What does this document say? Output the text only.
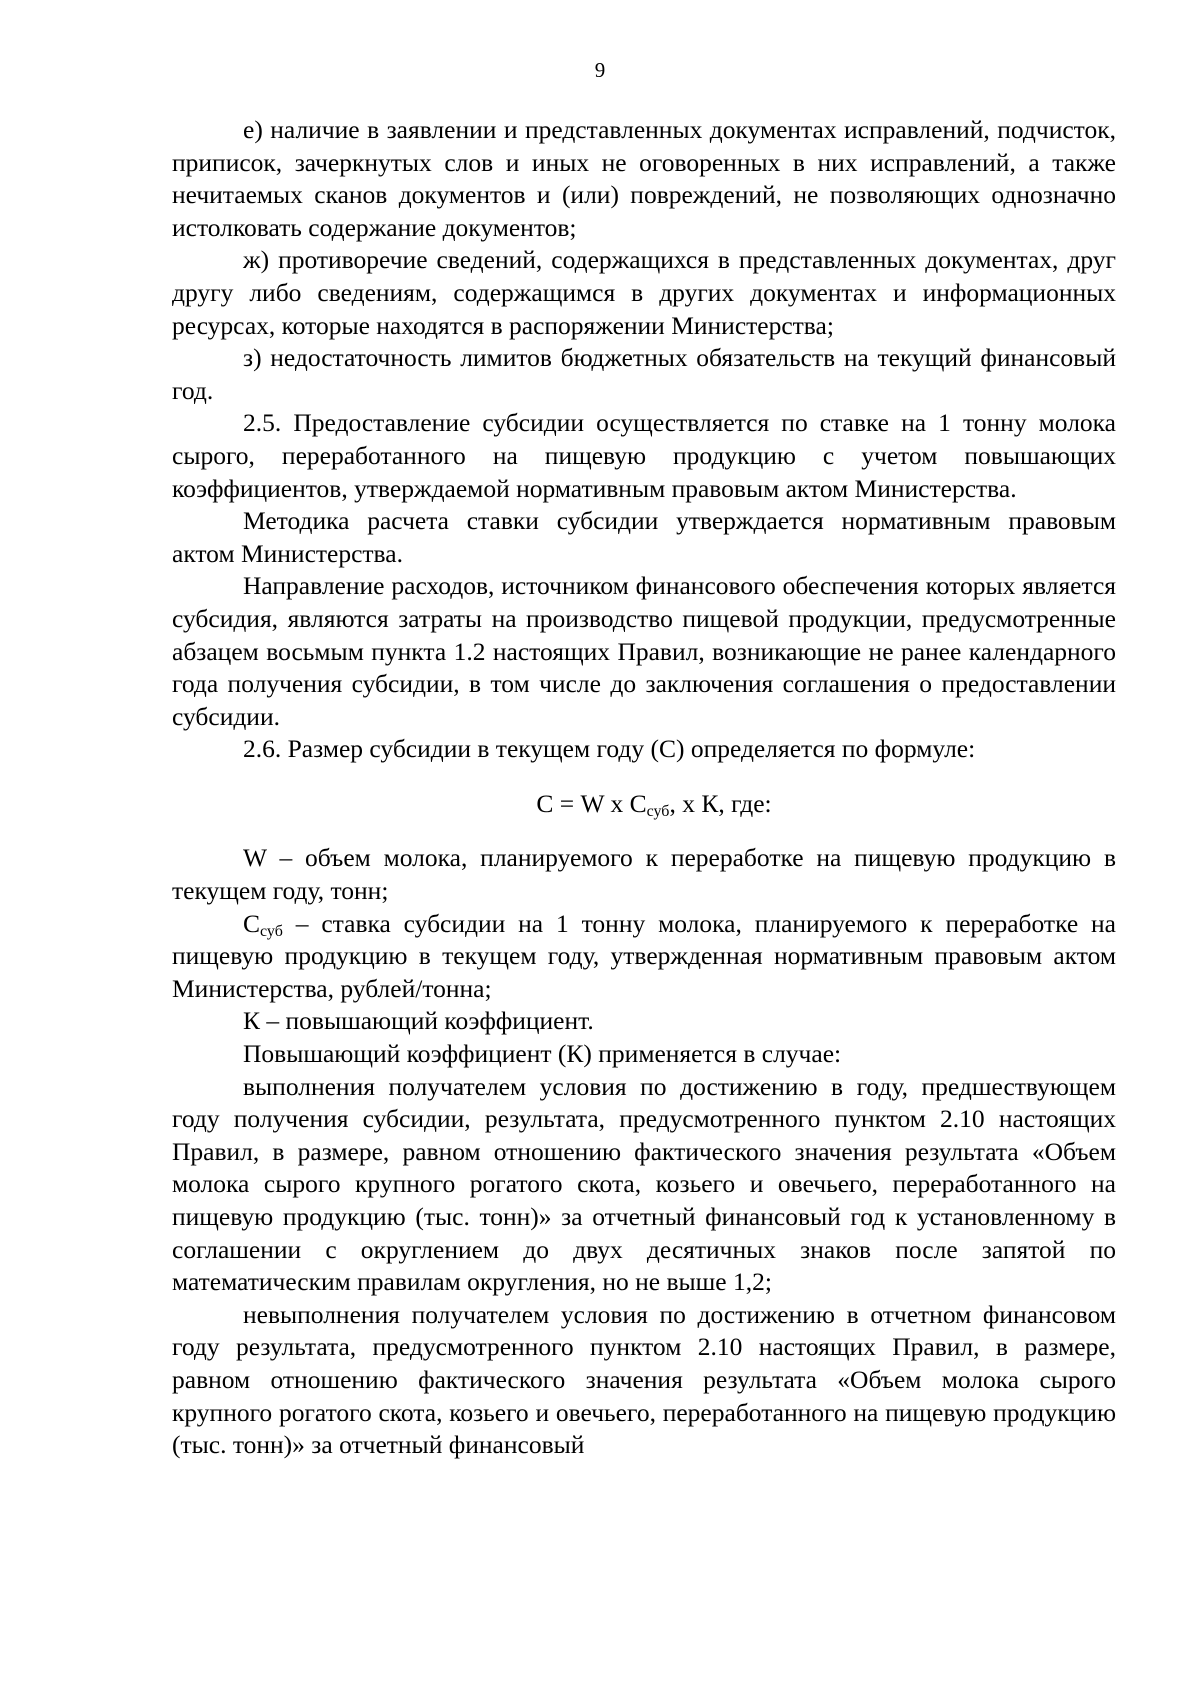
9

е) наличие в заявлении и представленных документах исправлений, подчисток, приписок, зачеркнутых слов и иных не оговоренных в них исправлений, а также нечитаемых сканов документов и (или) повреждений, не позволяющих однозначно истолковать содержание документов;

ж) противоречие сведений, содержащихся в представленных документах, друг другу либо сведениям, содержащимся в других документах и информационных ресурсах, которые находятся в распоряжении Министерства;

з) недостаточность лимитов бюджетных обязательств на текущий финансовый год.

2.5. Предоставление субсидии осуществляется по ставке на 1 тонну молока сырого, переработанного на пищевую продукцию с учетом повышающих коэффициентов, утверждаемой нормативным правовым актом Министерства.

Методика расчета ставки субсидии утверждается нормативным правовым актом Министерства.

Направление расходов, источником финансового обеспечения которых является субсидия, являются затраты на производство пищевой продукции, предусмотренные абзацем восьмым пункта 1.2 настоящих Правил, возникающие не ранее календарного года получения субсидии, в том числе до заключения соглашения о предоставлении субсидии.

2.6. Размер субсидии в текущем году (С) определяется по формуле:

С = W x $С_{суб}$, х К, где:

W – объем молока, планируемого к переработке на пищевую продукцию в текущем году, тонн;

$С_{суб}$ – ставка субсидии на 1 тонну молока, планируемого к переработке на пищевую продукцию в текущем году, утвержденная нормативным правовым актом Министерства, рублей/тонна;

К – повышающий коэффициент.

Повышающий коэффициент (К) применяется в случае:

выполнения получателем условия по достижению в году, предшествующем году получения субсидии, результата, предусмотренного пунктом 2.10 настоящих Правил, в размере, равном отношению фактического значения результата «Объем молока сырого крупного рогатого скота, козьего и овечьего, переработанного на пищевую продукцию (тыс. тонн)» за отчетный финансовый год к установленному в соглашении с округлением до двух десятичных знаков после запятой по математическим правилам округления, но не выше 1,2;

невыполнения получателем условия по достижению в отчетном финансовом году результата, предусмотренного пунктом 2.10 настоящих Правил, в размере, равном отношению фактического значения результата «Объем молока сырого крупного рогатого скота, козьего и овечьего, переработанного на пищевую продукцию (тыс. тонн)» за отчетный финансовый
